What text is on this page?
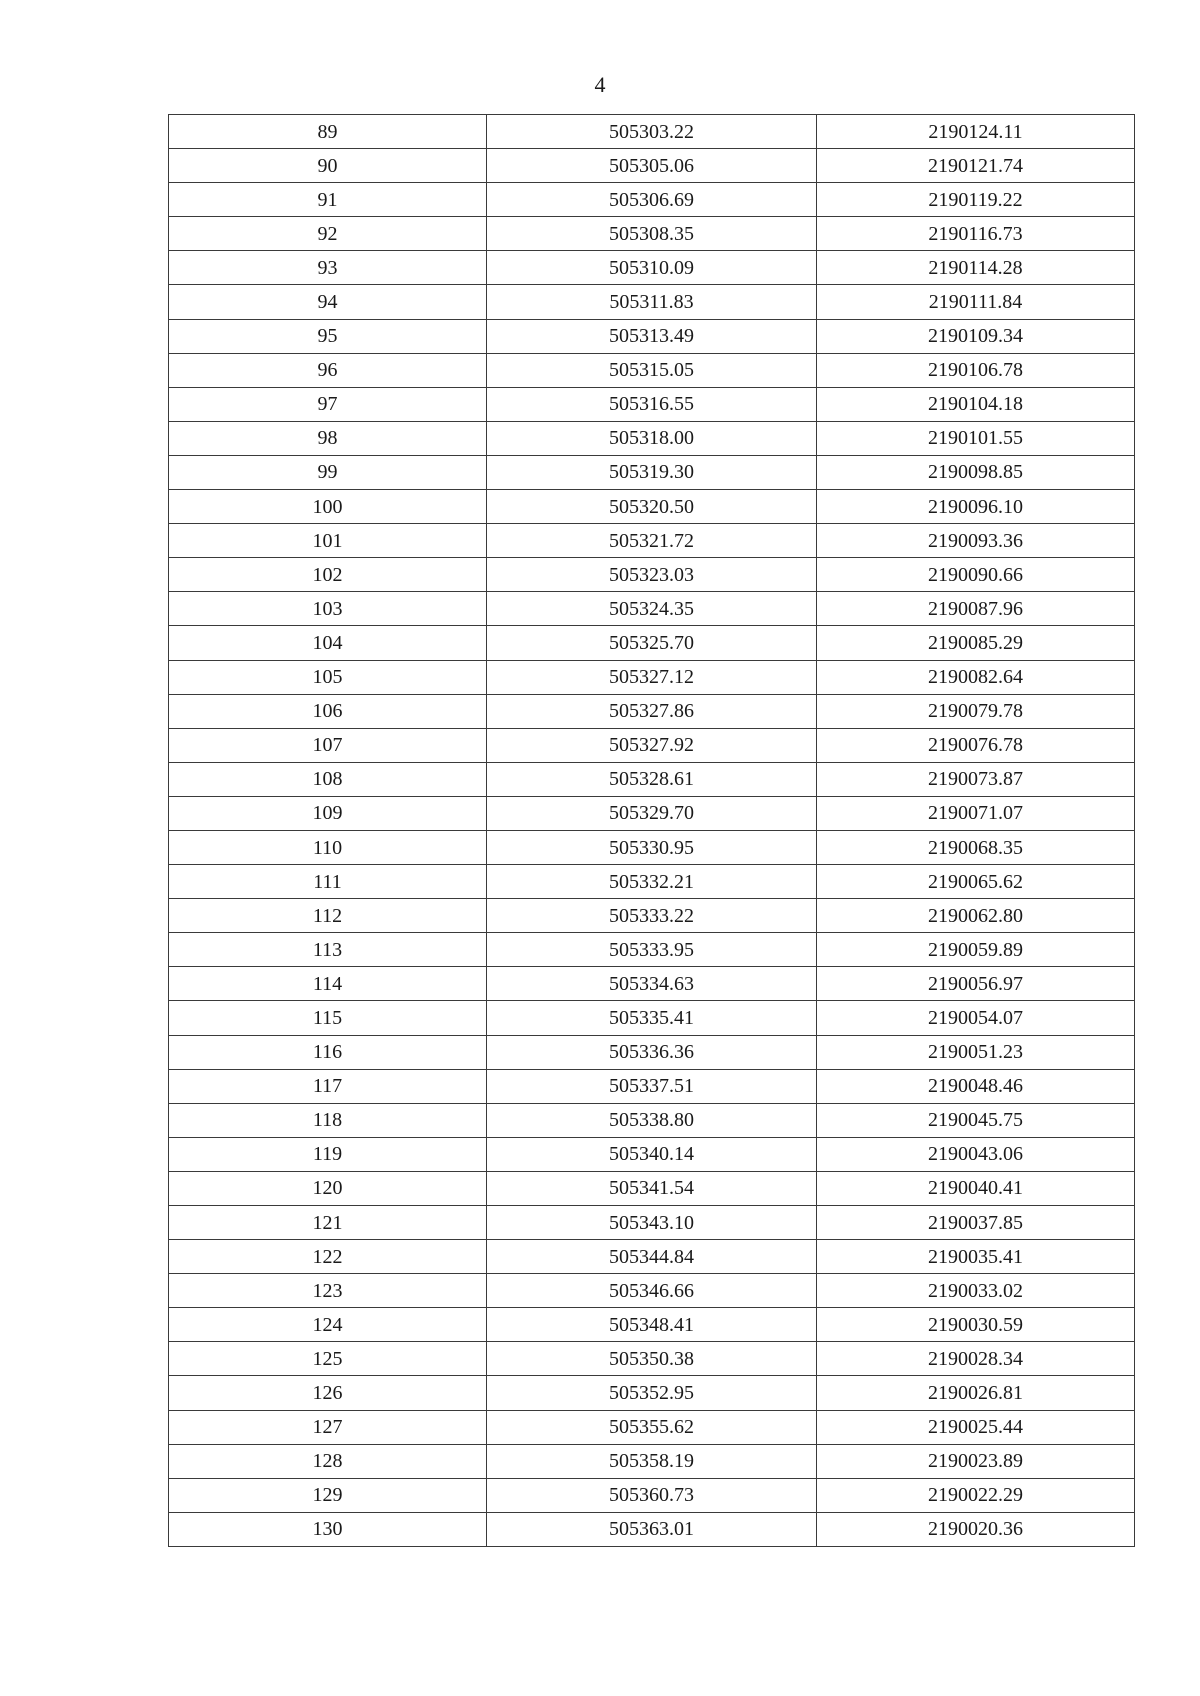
4
89	505303.22	2190124.11
90	505305.06	2190121.74
91	505306.69	2190119.22
92	505308.35	2190116.73
93	505310.09	2190114.28
94	505311.83	2190111.84
95	505313.49	2190109.34
96	505315.05	2190106.78
97	505316.55	2190104.18
98	505318.00	2190101.55
99	505319.30	2190098.85
100	505320.50	2190096.10
101	505321.72	2190093.36
102	505323.03	2190090.66
103	505324.35	2190087.96
104	505325.70	2190085.29
105	505327.12	2190082.64
106	505327.86	2190079.78
107	505327.92	2190076.78
108	505328.61	2190073.87
109	505329.70	2190071.07
110	505330.95	2190068.35
111	505332.21	2190065.62
112	505333.22	2190062.80
113	505333.95	2190059.89
114	505334.63	2190056.97
115	505335.41	2190054.07
116	505336.36	2190051.23
117	505337.51	2190048.46
118	505338.80	2190045.75
119	505340.14	2190043.06
120	505341.54	2190040.41
121	505343.10	2190037.85
122	505344.84	2190035.41
123	505346.66	2190033.02
124	505348.41	2190030.59
125	505350.38	2190028.34
126	505352.95	2190026.81
127	505355.62	2190025.44
128	505358.19	2190023.89
129	505360.73	2190022.29
130	505363.01	2190020.36
